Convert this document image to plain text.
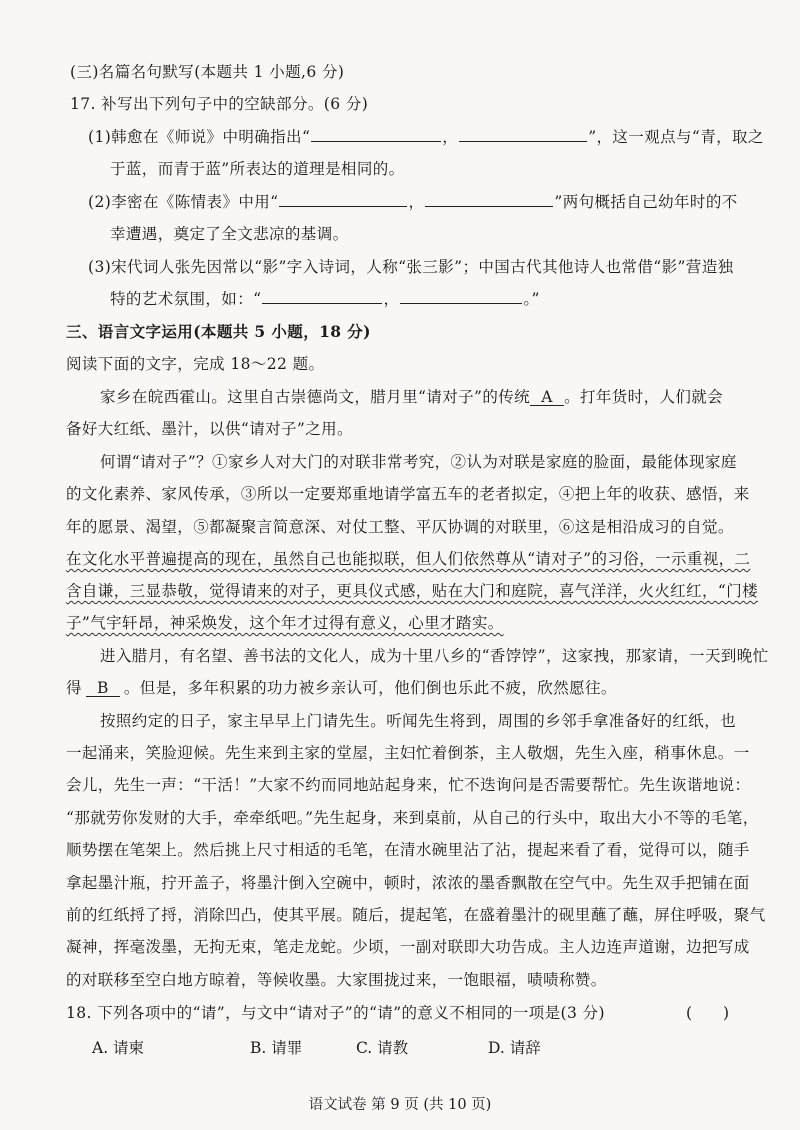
(三)名篇名句默写(本题共 1 小题,6 分)
17. 补写出下列句子中的空缺部分。(6 分)
(1)韩愈在《师说》中明确指出“	，	”，这一观点与“青，取之
于蓝，而青于蓝”所表达的道理是相同的。
(2)李密在《陈情表》中用“	，	”两句概括自己幼年时的不
幸遭遇，奠定了全文悲凉的基调。
(3)宋代词人张先因常以“影”字入诗词，人称“张三影”；中国古代其他诗人也常借“影”营造独
特的艺术氛围，如：“	，	。”
三、语言文字运用(本题共 5 小题，18 分)
阅读下面的文字，完成 18～22 题。
家乡在皖西霍山。这里自古崇德尚文，腊月里“请对子”的传统 A 。打年货时，人们就会
备好大红纸、墨汁，以供“请对子”之用。
何谓“请对子”？①家乡人对大门的对联非常考究，②认为对联是家庭的脸面，最能体现家庭
的文化素养、家风传承，③所以一定要郑重地请学富五车的老者拟定，④把上年的收获、感悟，来
年的愿景、渴望，⑤都凝聚言简意深、对仗工整、平仄协调的对联里，⑥这是相沿成习的自觉。
在文化水平普遍提高的现在，虽然自己也能拟联，但人们依然尊从“请对子”的习俗，一示重视，二
含自谦，三显恭敬，觉得请来的对子，更具仪式感，贴在大门和庭院，喜气洋洋，火火红红，“门楼
子”气宇轩昂，神采焕发，这个年才过得有意义，心里才踏实。
进入腊月，有名望、善书法的文化人，成为十里八乡的“香饽饽”，这家拽，那家请，一天到晚忙
得 B 。但是，多年积累的功力被乡亲认可，他们倒也乐此不疲，欣然愿往。
按照约定的日子，家主早早上门请先生。听闻先生将到，周围的乡邻手拿准备好的红纸，也
一起涌来，笑脸迎候。先生来到主家的堂屋，主妇忙着倒茶，主人敬烟，先生入座，稍事休息。一
会儿，先生一声：“干活！”大家不约而同地站起身来，忙不迭询问是否需要帮忙。先生诙谐地说：
“那就劳你发财的大手，牵牵纸吧。”先生起身，来到桌前，从自己的行头中，取出大小不等的毛笔，
顺势摆在笔架上。然后挑上尺寸相适的毛笔，在清水碗里沾了沾，提起来看了看，觉得可以，随手
拿起墨汁瓶，拧开盖子，将墨汁倒入空碗中，顿时，浓浓的墨香飘散在空气中。先生双手把铺在面
前的红纸捋了捋，消除凹凸，使其平展。随后，提起笔，在盛着墨汁的砚里蘸了蘸，屏住呼吸，聚气
凝神，挥毫泼墨，无拘无束，笔走龙蛇。少顷，一副对联即大功告成。主人边连声道谢，边把写成
的对联移至空白地方晾着，等候收墨。大家围拢过来，一饱眼福，啧啧称赞。
18. 下列各项中的“请”，与文中“请对子”的“请”的意义不相同的一项是(3 分)	(　　)
A. 请柬	B. 请罪	C. 请教	D. 请辞
语文试卷 第 9 页 (共 10 页)
